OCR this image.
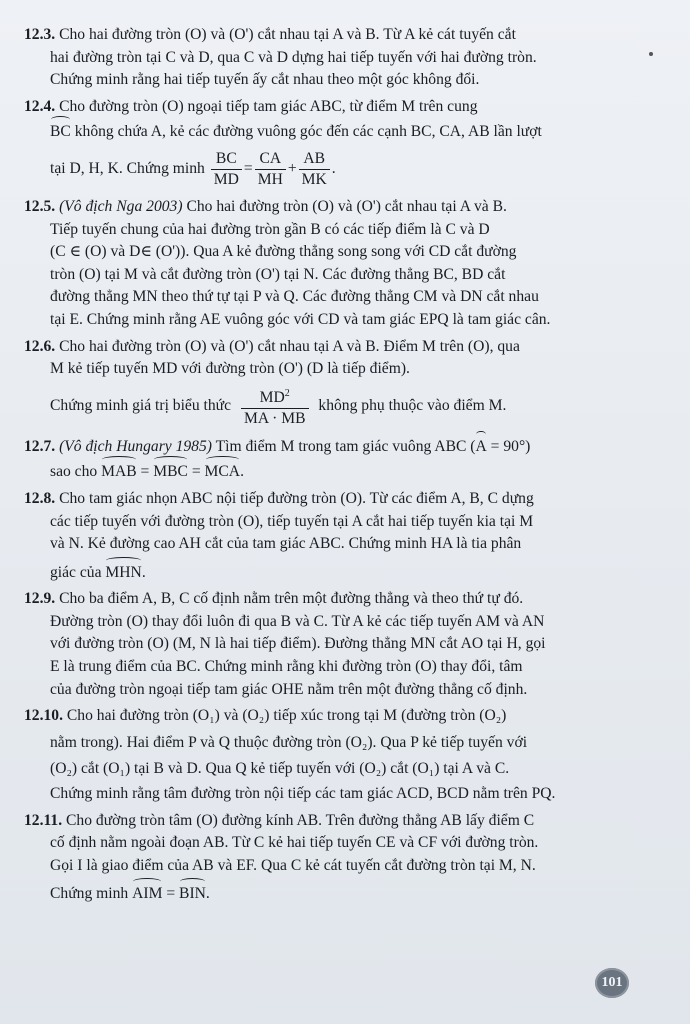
12.3. Cho hai đường tròn (O) và (O') cắt nhau tại A và B. Từ A kẻ cát tuyến cắt
hai đường tròn tại C và D, qua C và D dựng hai tiếp tuyến với hai đường tròn.
Chứng minh rằng hai tiếp tuyến ấy cắt nhau theo một góc không đổi.
12.4. Cho đường tròn (O) ngoại tiếp tam giác ABC, từ điểm M trên cung
BC không chứa A, kẻ các đường vuông góc đến các cạnh BC, CA, AB lần lượt
tại D, H, K. Chứng minh $\frac{BC}{MD} = \frac{CA}{MH} + \frac{AB}{MK}$ .
12.5. (Vô địch Nga 2003) Cho hai đường tròn (O) và (O') cắt nhau tại A và B.
Tiếp tuyến chung của hai đường tròn gần B có các tiếp điểm là C và D
(C ∈ (O) và D∈ (O')). Qua A kẻ đường thẳng song song với CD cắt đường
tròn (O) tại M và cắt đường tròn (O') tại N. Các đường thẳng BC, BD cắt
đường thẳng MN theo thứ tự tại P và Q. Các đường thẳng CM và DN cắt nhau
tại E. Chứng minh rằng AE vuông góc với CD và tam giác EPQ là tam giác cân.
12.6. Cho hai đường tròn (O) và (O') cắt nhau tại A và B. Điểm M trên (O), qua
M kẻ tiếp tuyến MD với đường tròn (O') (D là tiếp điểm).
Chứng minh giá trị biểu thức $\frac{MD^2}{MA \cdot MB}$ không phụ thuộc vào điểm M.
12.7. (Vô địch Hungary 1985) Tìm điểm M trong tam giác vuông ABC (A = 90°)
sao cho MAB = MBC = MCA.
12.8. Cho tam giác nhọn ABC nội tiếp đường tròn (O). Từ các điểm A, B, C dựng
các tiếp tuyến với đường tròn (O), tiếp tuyến tại A cắt hai tiếp tuyến kia tại M
và N. Kẻ đường cao AH cắt của tam giác ABC. Chứng minh HA là tia phân
giác của MHN.
12.9. Cho ba điểm A, B, C cố định nằm trên một đường thẳng và theo thứ tự đó.
Đường tròn (O) thay đổi luôn đi qua B và C. Từ A kẻ các tiếp tuyến AM và AN
với đường tròn (O) (M, N là hai tiếp điểm). Đường thẳng MN cắt AO tại H, gọi
E là trung điểm của BC. Chứng minh rằng khi đường tròn (O) thay đổi, tâm
của đường tròn ngoại tiếp tam giác OHE nằm trên một đường thẳng cố định.
12.10. Cho hai đường tròn (O₁) và (O₂) tiếp xúc trong tại M (đường tròn (O₂)
nằm trong). Hai điểm P và Q thuộc đường tròn (O₂). Qua P kẻ tiếp tuyến với
(O₂) cắt (O₁) tại B và D. Qua Q kẻ tiếp tuyến với (O₂) cắt (O₁) tại A và C.
Chứng minh rằng tâm đường tròn nội tiếp các tam giác ACD, BCD nằm trên PQ.
12.11. Cho đường tròn tâm (O) đường kính AB. Trên đường thẳng AB lấy điểm C
cố định nằm ngoài đoạn AB. Từ C kẻ hai tiếp tuyến CE và CF với đường tròn.
Gọi I là giao điểm của AB và EF. Qua C kẻ cát tuyến cắt đường tròn tại M, N.
Chứng minh AIM = BIN.
101
